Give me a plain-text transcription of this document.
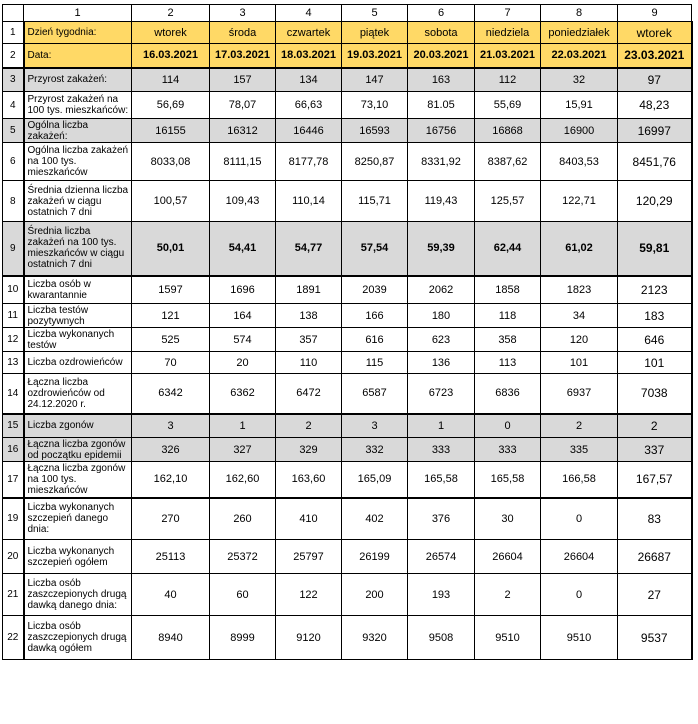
	1	2	3	4	5	6	7	8	9
1	Dzień tygodnia:	wtorek	środa	czwartek	piątek	sobota	niedziela	poniedziałek	wtorek
2	Data:	16.03.2021	17.03.2021	18.03.2021	19.03.2021	20.03.2021	21.03.2021	22.03.2021	23.03.2021
3	Przyrost zakażeń:	114	157	134	147	163	112	32	97
4	Przyrost zakażeń na 100 tys. mieszkańców:	56,69	78,07	66,63	73,10	81.05	55,69	15,91	48,23
5	Ogólna liczba zakażeń:	16155	16312	16446	16593	16756	16868	16900	16997
6	Ogólna liczba zakażeń na 100 tys. mieszkańców	8033,08	8111,15	8177,78	8250,87	8331,92	8387,62	8403,53	8451,76
8	Średnia dzienna liczba zakażeń w ciągu ostatnich 7 dni	100,57	109,43	110,14	115,71	119,43	125,57	122,71	120,29
9	Średnia liczba zakażeń na 100 tys. mieszkańców w ciągu ostatnich 7 dni	50,01	54,41	54,77	57,54	59,39	62,44	61,02	59,81
10	Liczba osób w kwarantannie	1597	1696	1891	2039	2062	1858	1823	2123
11	Liczba testów pozytywnych	121	164	138	166	180	118	34	183
12	Liczba wykonanych testów	525	574	357	616	623	358	120	646
13	Liczba ozdrowieńców	70	20	110	115	136	113	101	101
14	Łączna liczba ozdrowieńców od 24.12.2020 r.	6342	6362	6472	6587	6723	6836	6937	7038
15	Liczba zgonów	3	1	2	3	1	0	2	2
16	Łączna liczba zgonów od początku epidemii	326	327	329	332	333	333	335	337
17	Łączna liczba zgonów na 100 tys. mieszkańców	162,10	162,60	163,60	165,09	165,58	165,58	166,58	167,57
19	Liczba wykonanych szczepień danego dnia:	270	260	410	402	376	30	0	83
20	Liczba wykonanych szczepień ogółem	25113	25372	25797	26199	26574	26604	26604	26687
21	Liczba osób zaszczepionych drugą dawką danego dnia:	40	60	122	200	193	2	0	27
22	Liczba osób zaszczepionych drugą dawką ogółem	8940	8999	9120	9320	9508	9510	9510	9537
